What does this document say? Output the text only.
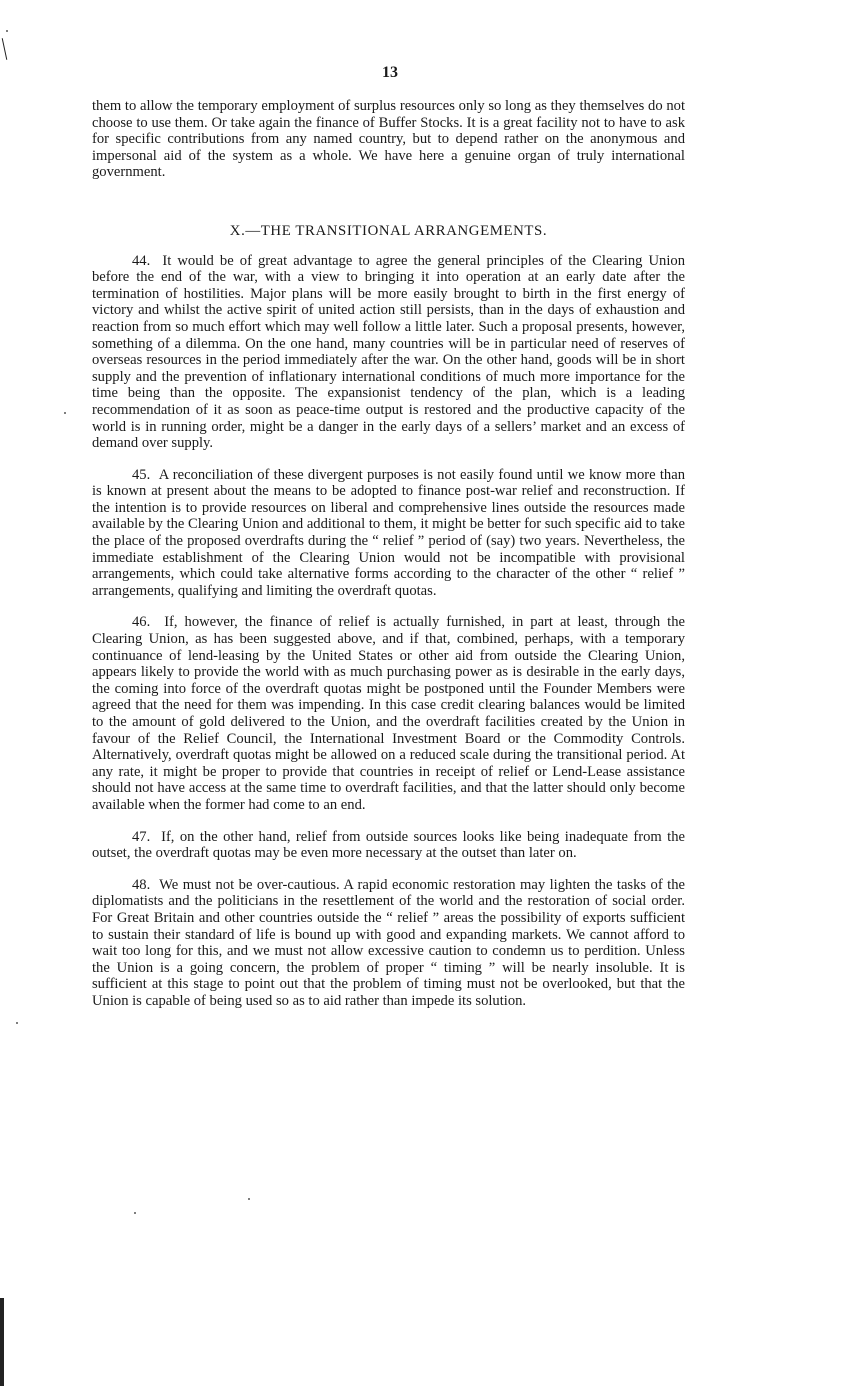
13

them to allow the temporary employment of surplus resources only so long as they themselves do not choose to use them. Or take again the finance of Buffer Stocks. It is a great facility not to have to ask for specific contributions from any named country, but to depend rather on the anonymous and impersonal aid of the system as a whole. We have here a genuine organ of truly international government.

X.—THE TRANSITIONAL ARRANGEMENTS.

44. It would be of great advantage to agree the general principles of the Clearing Union before the end of the war, with a view to bringing it into operation at an early date after the termination of hostilities. Major plans will be more easily brought to birth in the first energy of victory and whilst the active spirit of united action still persists, than in the days of exhaustion and reaction from so much effort which may well follow a little later. Such a proposal presents, however, something of a dilemma. On the one hand, many countries will be in particular need of reserves of overseas resources in the period immediately after the war. On the other hand, goods will be in short supply and the prevention of inflationary international conditions of much more importance for the time being than the opposite. The expansionist tendency of the plan, which is a leading recommendation of it as soon as peace-time output is restored and the productive capacity of the world is in running order, might be a danger in the early days of a sellers’ market and an excess of demand over supply.

45. A reconciliation of these divergent purposes is not easily found until we know more than is known at present about the means to be adopted to finance post-war relief and reconstruction. If the intention is to provide resources on liberal and comprehensive lines outside the resources made available by the Clearing Union and additional to them, it might be better for such specific aid to take the place of the proposed overdrafts during the “ relief ” period of (say) two years. Nevertheless, the immediate establishment of the Clearing Union would not be incompatible with provisional arrangements, which could take alternative forms according to the character of the other “ relief ” arrangements, qualifying and limiting the overdraft quotas.

46. If, however, the finance of relief is actually furnished, in part at least, through the Clearing Union, as has been suggested above, and if that, combined, perhaps, with a temporary continuance of lend-leasing by the United States or other aid from outside the Clearing Union, appears likely to provide the world with as much purchasing power as is desirable in the early days, the coming into force of the overdraft quotas might be postponed until the Founder Members were agreed that the need for them was impending. In this case credit clearing balances would be limited to the amount of gold delivered to the Union, and the overdraft facilities created by the Union in favour of the Relief Council, the International Investment Board or the Commodity Controls. Alternatively, overdraft quotas might be allowed on a reduced scale during the transitional period. At any rate, it might be proper to provide that countries in receipt of relief or Lend-Lease assistance should not have access at the same time to overdraft facilities, and that the latter should only become available when the former had come to an end.

47. If, on the other hand, relief from outside sources looks like being inadequate from the outset, the overdraft quotas may be even more necessary at the outset than later on.

48. We must not be over-cautious. A rapid economic restoration may lighten the tasks of the diplomatists and the politicians in the resettlement of the world and the restoration of social order. For Great Britain and other countries outside the “ relief ” areas the possibility of exports sufficient to sustain their standard of life is bound up with good and expanding markets. We cannot afford to wait too long for this, and we must not allow excessive caution to condemn us to perdition. Unless the Union is a going concern, the problem of proper “ timing ” will be nearly insoluble. It is sufficient at this stage to point out that the problem of timing must not be overlooked, but that the Union is capable of being used so as to aid rather than impede its solution.
